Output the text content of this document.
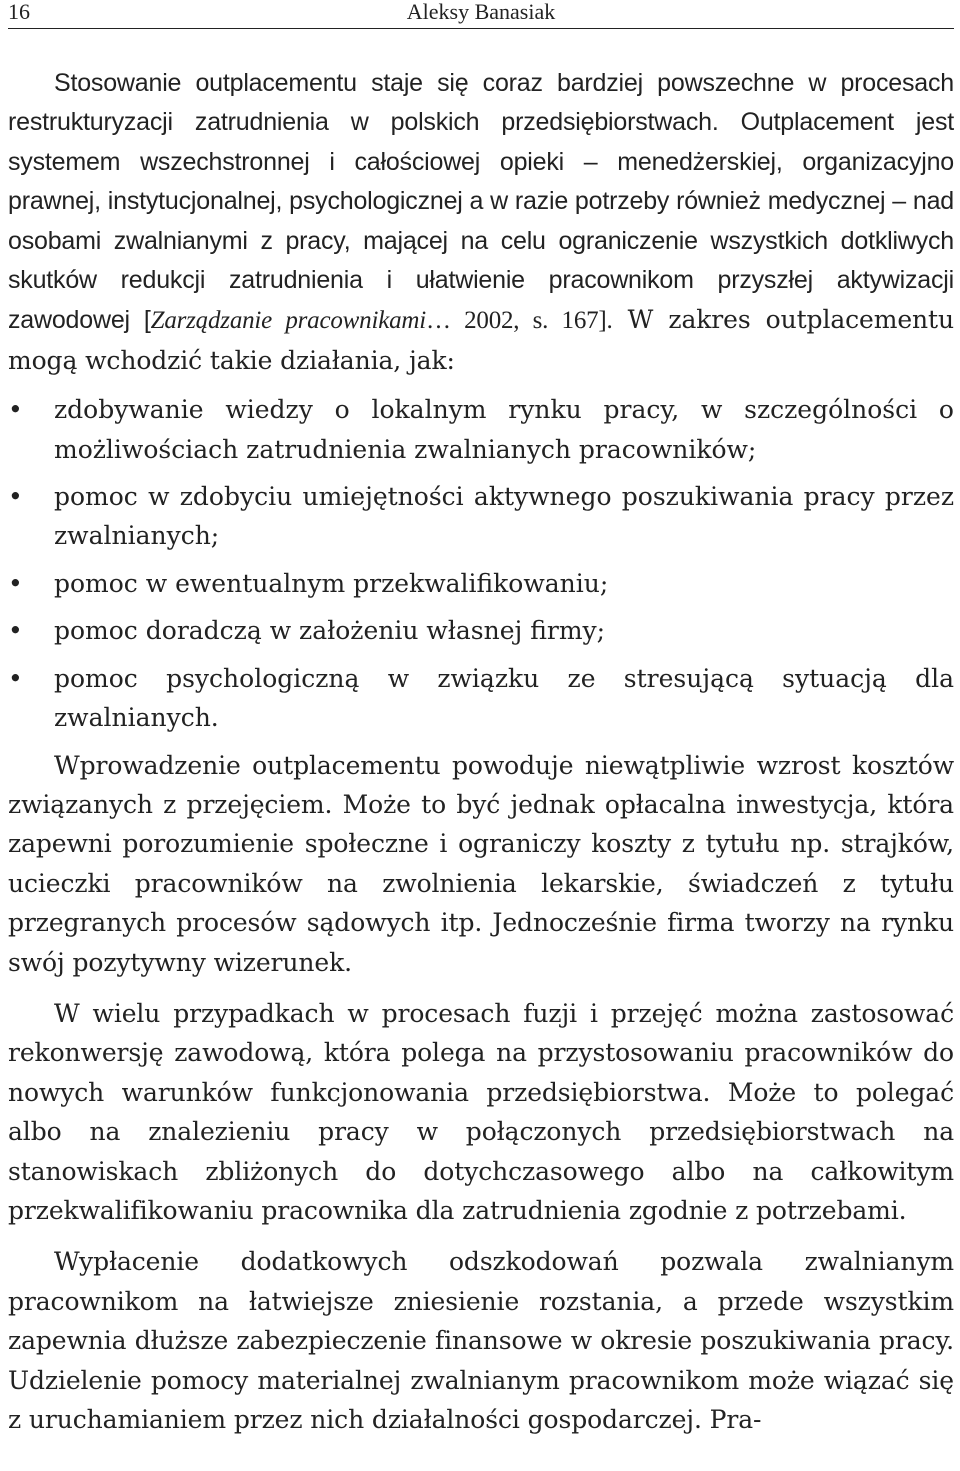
16	Aleksy Banasiak

Stosowanie outplacementu staje się coraz bardziej powszechne w procesach restrukturyzacji zatrudnienia w polskich przedsiębiorstwach. Outplacement jest systemem wszechstronnej i całościowej opieki – menedżerskiej, organizacyjno prawnej, instytucjonalnej, psychologicznej a w razie potrzeby również medycznej – nad osobami zwalnianymi z pracy, mającej na celu ograniczenie wszystkich dotkliwych skutków redukcji zatrudnienia i ułatwienie pracownikom przyszłej aktywizacji zawodowej [Zarządzanie pracownikami… 2002, s. 167]. W zakres outplacementu mogą wchodzić takie działania, jak:

• zdobywanie wiedzy o lokalnym rynku pracy, w szczególności o możliwościach zatrudnienia zwalnianych pracowników;
• pomoc w zdobyciu umiejętności aktywnego poszukiwania pracy przez zwalnianych;
• pomoc w ewentualnym przekwalifikowaniu;
• pomoc doradczą w założeniu własnej firmy;
• pomoc psychologiczną w związku ze stresującą sytuacją dla zwalnianych.

Wprowadzenie outplacementu powoduje niewątpliwie wzrost kosztów związanych z przejęciem. Może to być jednak opłacalna inwestycja, która zapewni porozumienie społeczne i ograniczy koszty z tytułu np. strajków, ucieczki pracowników na zwolnienia lekarskie, świadczeń z tytułu przegranych procesów sądowych itp. Jednocześnie firma tworzy na rynku swój pozytywny wizerunek.

W wielu przypadkach w procesach fuzji i przejęć można zastosować rekonwersję zawodową, która polega na przystosowaniu pracowników do nowych warunków funkcjonowania przedsiębiorstwa. Może to polegać albo na znalezieniu pracy w połączonych przedsiębiorstwach na stanowiskach zbliżonych do dotychczasowego albo na całkowitym przekwalifikowaniu pracownika dla zatrudnienia zgodnie z potrzebami.

Wypłacenie dodatkowych odszkodowań pozwala zwalnianym pracownikom na łatwiejsze zniesienie rozstania, a przede wszystkim zapewnia dłuższe zabezpieczenie finansowe w okresie poszukiwania pracy. Udzielenie pomocy materialnej zwalnianym pracownikom może wiązać się z uruchamianiem przez nich działalności gospodarczej. Pra-
